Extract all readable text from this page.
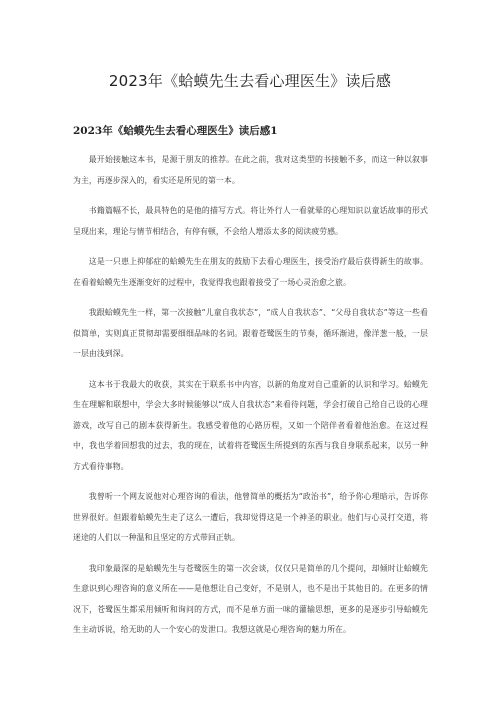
2023年《蛤蟆先生去看心理医生》读后感
2023年《蛤蟆先生去看心理医生》读后感1

最开始接触这本书，是源于朋友的推荐。在此之前，我对这类型的书接触不多，而这一种以叙事为主，再逐步深入的，看实还是所见的第一本。

书籍篇幅不长，最具特色的是他的描写方式。将让外行人一看就晕的心理知识以童话故事的形式呈现出来，理论与情节相结合，有停有顿，不会给人增添太多的阅读疲劳感。

这是一只患上抑郁症的蛤蟆先生在朋友的鼓励下去看心理医生，接受治疗最后获得新生的故事。在看着蛤蟆先生逐渐变好的过程中，我觉得我也跟着接受了一场心灵治愈之旅。

我跟蛤蟆先生一样，第一次接触“儿童自我状态”，“成人自我状态”、“父母自我状态”等这一些看似简单，实则真正贯彻却需要细细品味的名词。跟着苍鹭医生的节奏，循环渐进，像洋葱一般，一层一层由浅到深。

这本书于我最大的收获，其实在于联系书中内容，以新的角度对自己重新的认识和学习。蛤蟆先生在理解和联想中，学会大多时候能够以“成人自我状态”来看待问题，学会打破自己给自己设的心理游戏，改写自己的剧本获得新生。我感受着他的心路历程，又如一个陪伴者看着他治愈。在这过程中，我也学着回想我的过去，我的现在，试着将苍鹭医生所提到的东西与我自身联系起来，以另一种方式看待事物。

我曾听一个网友说他对心理咨询的看法，他曾简单的概括为“政治书”，给予你心理暗示，告诉你世界很好。但跟着蛤蟆先生走了这么一遭后，我却觉得这是一个神圣的职业。他们与心灵打交道，将迷途的人们以一种温和且坚定的方式带回正轨。

我印象最深的是蛤蟆先生与苍鹭医生的第一次会谈，仅仅只是简单的几个提问，却倾时让蛤蟆先生意识到心理咨询的意义所在——是他想让自己变好，不是别人，也不是出于其他目的。在更多的情况下，苍鹭医生都采用倾听和询问的方式，而不是单方面一味的灌输思想，更多的是逐步引导蛤蟆先生主动诉说，给无助的人一个安心的发泄口。我想这就是心理咨询的魅力所在。
